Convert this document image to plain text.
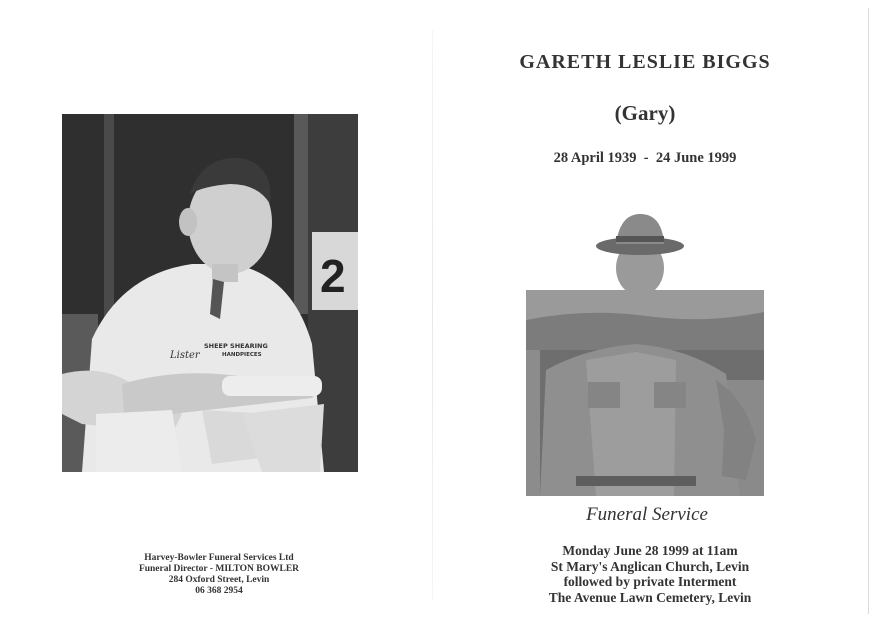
2
SHEEP SHEARING
Lister	HANDPIECES
Harvey-Bowler Funeral Services Ltd
Funeral Director - MILTON BOWLER
284 Oxford Street, Levin
06 368 2954
GARETH LESLIE BIGGS
(Gary)
28 April 1939  -  24 June 1999
Funeral Service
Monday June 28 1999 at 11am
St Mary's Anglican Church, Levin
followed by private Interment
The Avenue Lawn Cemetery, Levin
